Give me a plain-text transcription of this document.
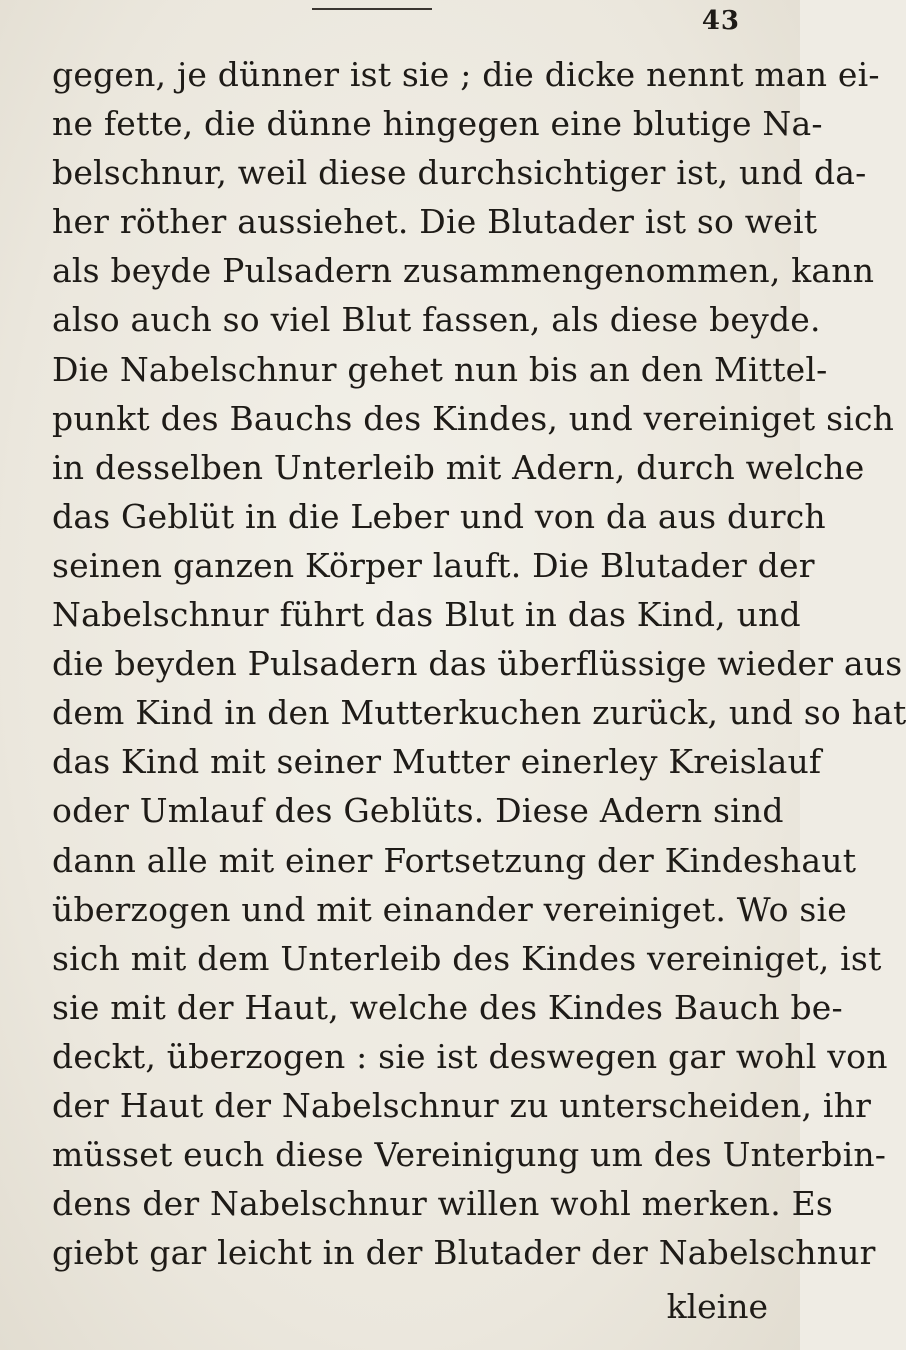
43
gegen, je dünner ist sie ; die dicke nennt man ei-
ne fette, die dünne hingegen eine blutige Na-
belschnur, weil diese durchsichtiger ist, und da-
her röther aussiehet. Die Blutader ist so weit
als beyde Pulsadern zusammengenommen, kann
also auch so viel Blut fassen, als diese beyde.
Die Nabelschnur gehet nun bis an den Mittel-
punkt des Bauchs des Kindes, und vereiniget sich
in desselben Unterleib mit Adern, durch welche
das Geblüt in die Leber und von da aus durch
seinen ganzen Körper lauft. Die Blutader der
Nabelschnur führt das Blut in das Kind, und
die beyden Pulsadern das überflüssige wieder aus
dem Kind in den Mutterkuchen zurück, und so hat
das Kind mit seiner Mutter einerley Kreislauf
oder Umlauf des Geblüts. Diese Adern sind
dann alle mit einer Fortsetzung der Kindeshaut
überzogen und mit einander vereiniget. Wo sie
sich mit dem Unterleib des Kindes vereiniget, ist
sie mit der Haut, welche des Kindes Bauch be-
deckt, überzogen : sie ist deswegen gar wohl von
der Haut der Nabelschnur zu unterscheiden, ihr
müsset euch diese Vereinigung um des Unterbin-
dens der Nabelschnur willen wohl merken. Es
giebt gar leicht in der Blutader der Nabelschnur
kleine
